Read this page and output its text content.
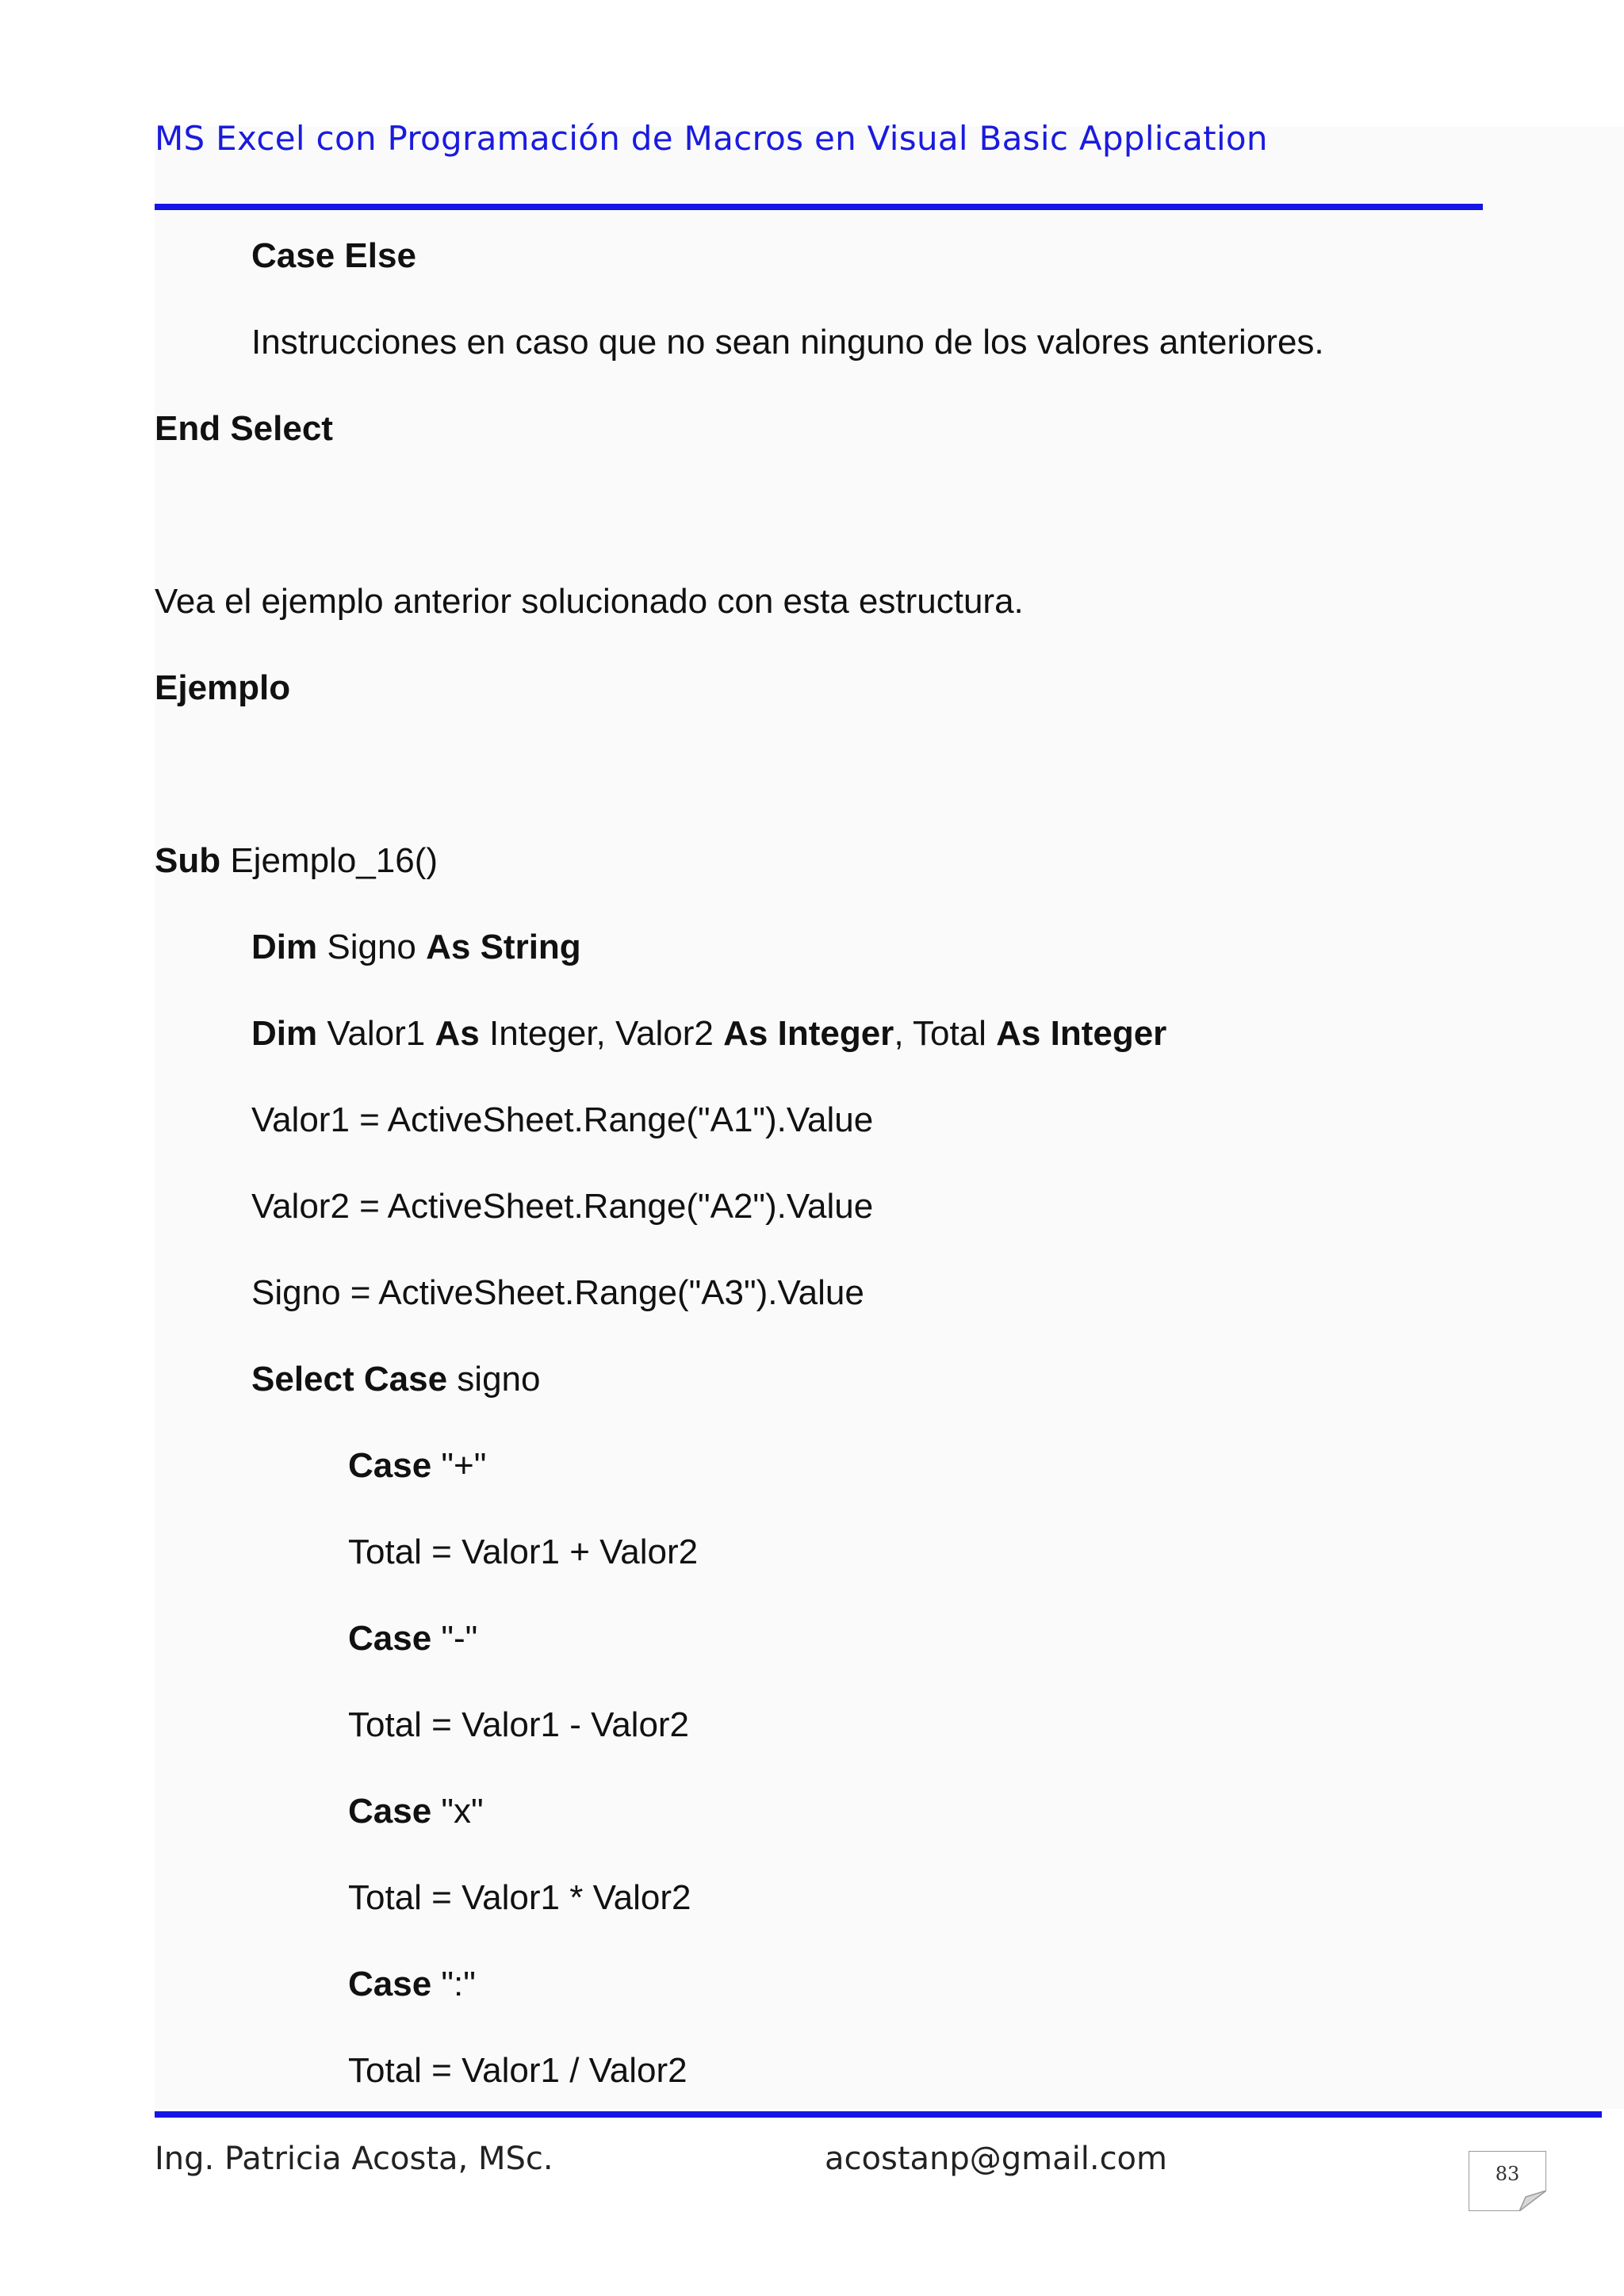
MS Excel con Programación de Macros en Visual Basic Application
Case Else
Instrucciones en caso que no sean ninguno de los valores anteriores.
End Select
Vea el ejemplo anterior solucionado con esta estructura.
Ejemplo
Sub Ejemplo_16()
Dim Signo As String
Dim Valor1 As Integer, Valor2 As Integer, Total As Integer
Valor1 = ActiveSheet.Range("A1").Value
Valor2 = ActiveSheet.Range("A2").Value
Signo = ActiveSheet.Range("A3").Value
Select Case signo
Case "+"
Total = Valor1 + Valor2
Case "-"
Total = Valor1 - Valor2
Case "x"
Total = Valor1 * Valor2
Case ":"
Total = Valor1 / Valor2
Ing. Patricia Acosta, MSc.	acostanp@gmail.com	83
